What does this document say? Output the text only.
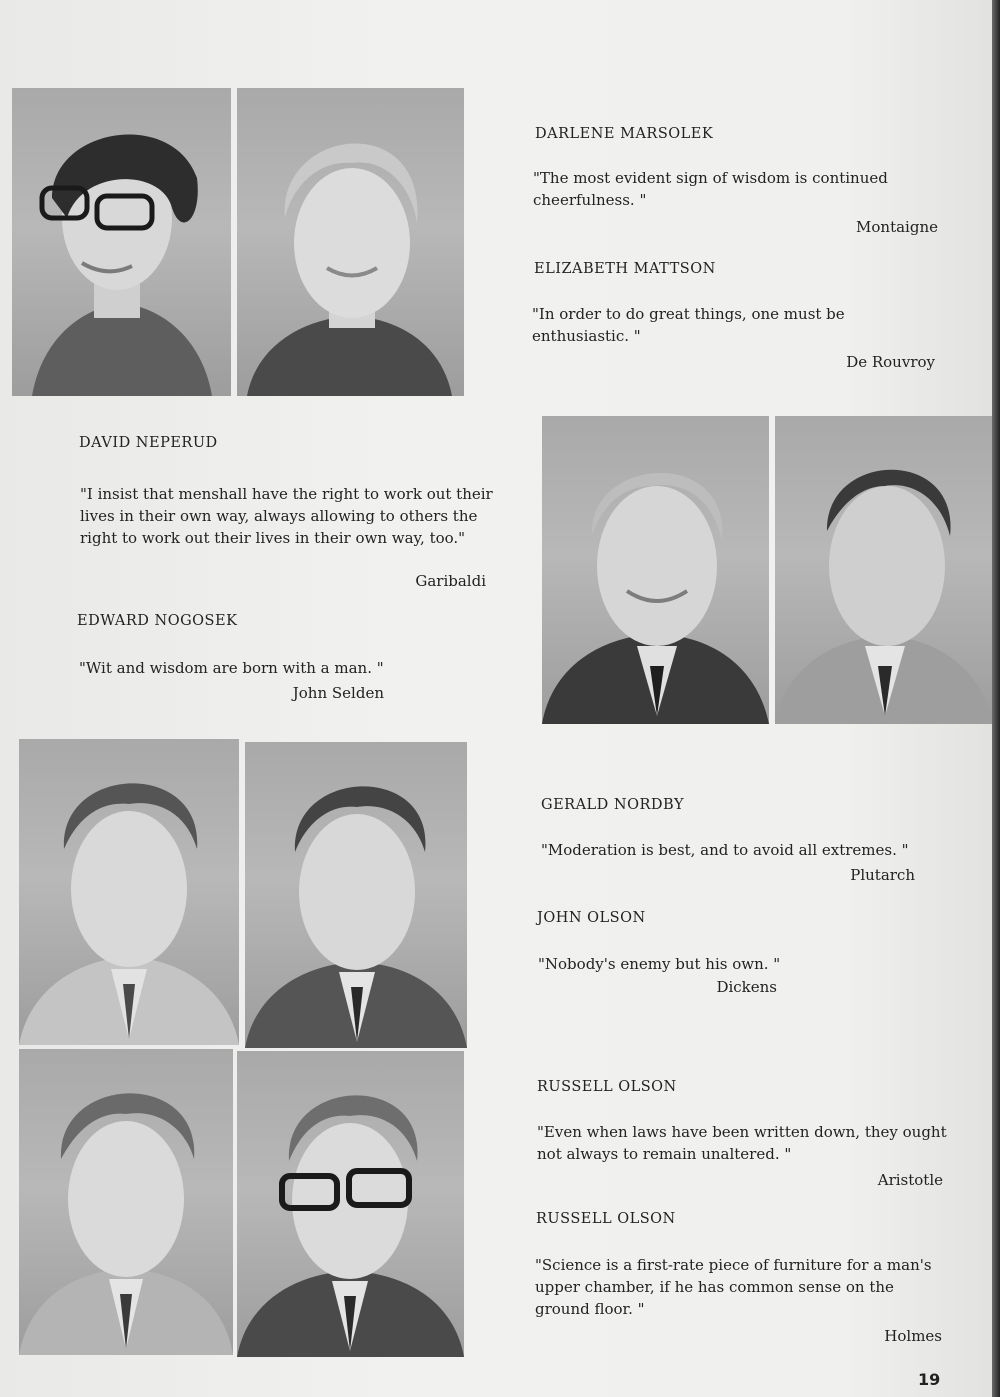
DARLENE MARSOLEK
"The most evident sign of wisdom is continued cheerfulness. "
Montaigne
ELIZABETH MATTSON
"In order to do great things, one must be enthusiastic. "
De Rouvroy
DAVID NEPERUD
"I insist that menshall have the right to work out their lives in their own way, always allowing to others the right to work out their lives in their own way, too."
Garibaldi
EDWARD NOGOSEK
"Wit and wisdom are born with a man. "
John Selden
GERALD NORDBY
"Moderation is best, and to avoid all extremes. "
Plutarch
JOHN OLSON
"Nobody's enemy but his own. "
Dickens
RUSSELL OLSON
"Even when laws have been written down, they ought not always to remain unaltered. "
Aristotle
RUSSELL OLSON
"Science is a first-rate piece of furniture for a man's upper chamber, if he has common sense on the ground floor. "
Holmes
19
